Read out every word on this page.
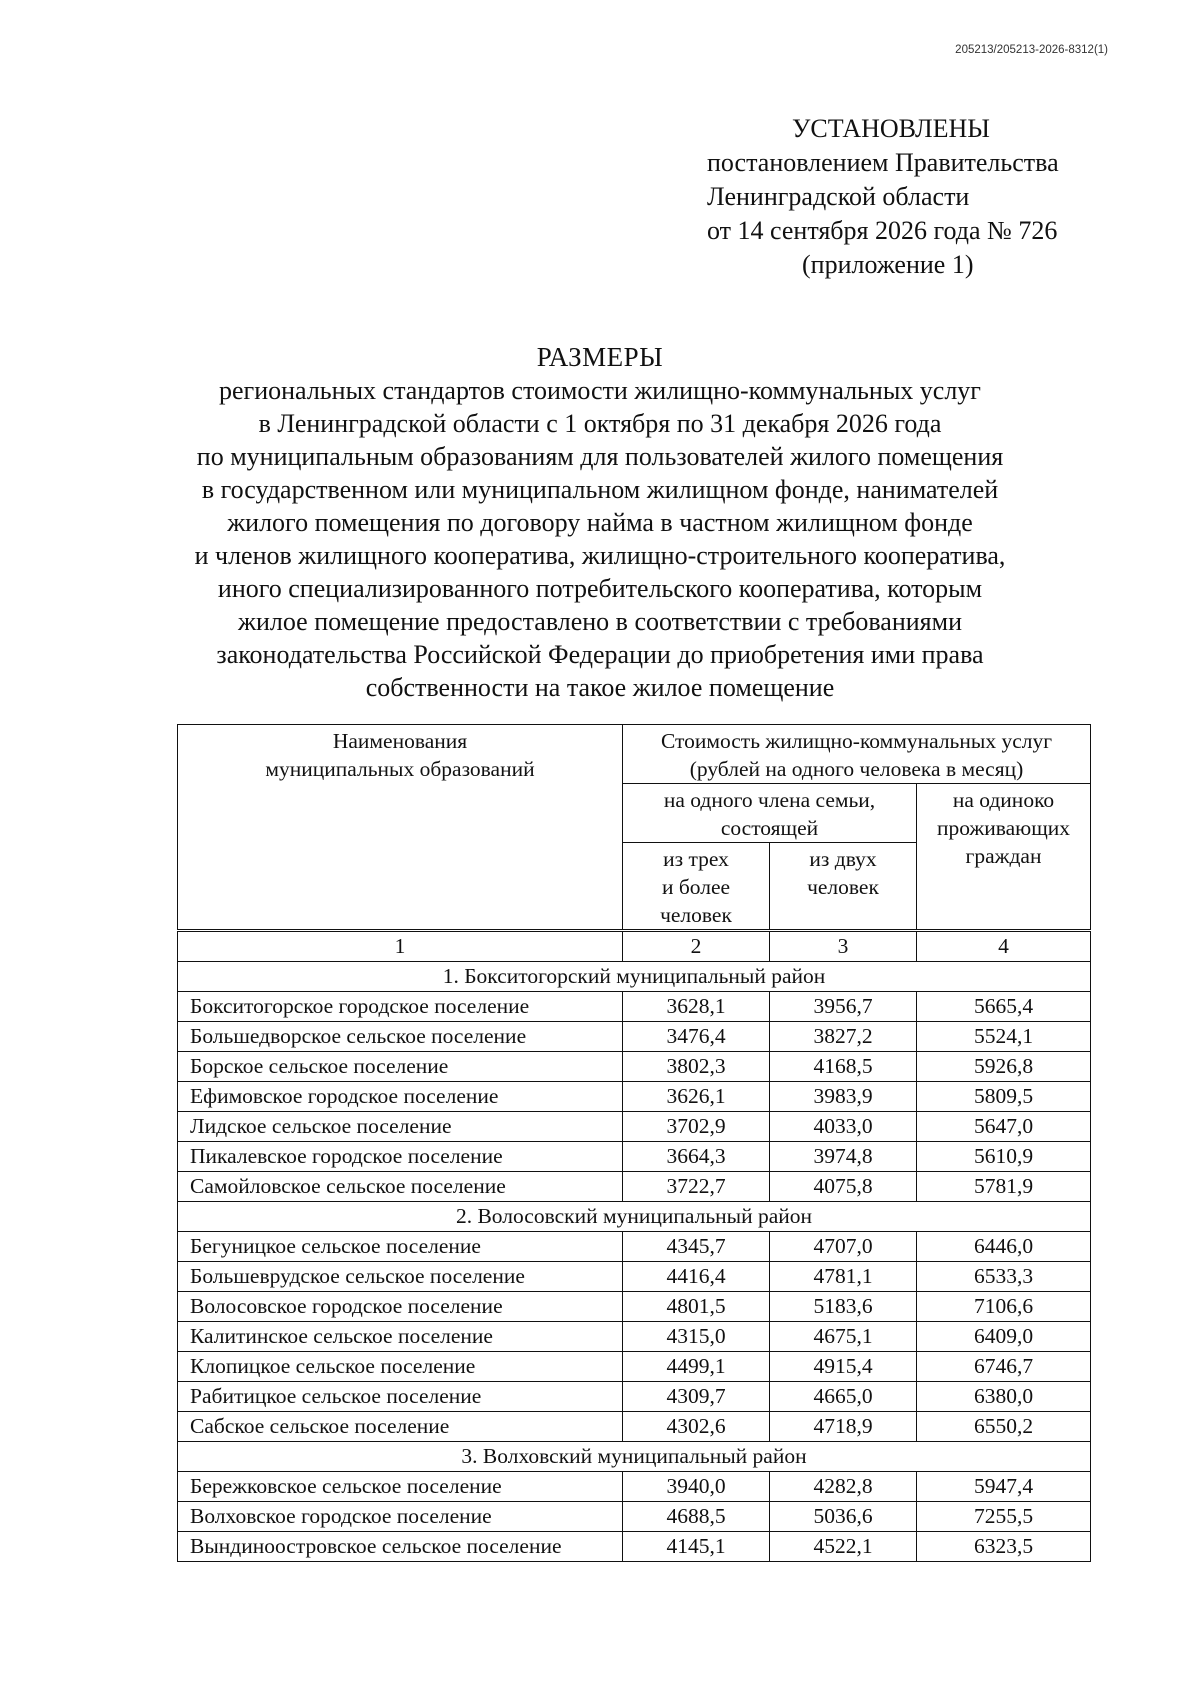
205213/205213-2026-8312(1)
УСТАНОВЛЕНЫ
постановлением Правительства
Ленинградской области
от 14 сентября 2026 года № 726
(приложение 1)
РАЗМЕРЫ
региональных стандартов стоимости жилищно-коммунальных услуг
в Ленинградской области с 1 октября по 31 декабря 2026 года
по муниципальным образованиям для пользователей жилого помещения
в государственном или муниципальном жилищном фонде, нанимателей
жилого помещения по договору найма в частном жилищном фонде
и членов жилищного кооператива, жилищно-строительного кооператива,
иного специализированного потребительского кооператива, которым
жилое помещение предоставлено в соответствии с требованиями
законодательства Российской Федерации до приобретения ими права
собственности на такое жилое помещение
Наименования
муниципальных образований	Стоимость жилищно-коммунальных услуг
(рублей на одного человека в месяц)		
	на одного члена семьи,
состоящей		на одиноко
проживающих
граждан
	из трех
и более
человек	из двух
человек	
1	2	3	4
1. Бокситогорский муниципальный район			
Бокситогорское городское поселение	3628,1	3956,7	5665,4
Большедворское сельское поселение	3476,4	3827,2	5524,1
Борское сельское поселение	3802,3	4168,5	5926,8
Ефимовское городское поселение	3626,1	3983,9	5809,5
Лидское сельское поселение	3702,9	4033,0	5647,0
Пикалевское городское поселение	3664,3	3974,8	5610,9
Самойловское сельское поселение	3722,7	4075,8	5781,9
2. Волосовский муниципальный район			
Бегуницкое сельское поселение	4345,7	4707,0	6446,0
Большеврудское сельское поселение	4416,4	4781,1	6533,3
Волосовское городское поселение	4801,5	5183,6	7106,6
Калитинское сельское поселение	4315,0	4675,1	6409,0
Клопицкое сельское поселение	4499,1	4915,4	6746,7
Рабитицкое сельское поселение	4309,7	4665,0	6380,0
Сабское сельское поселение	4302,6	4718,9	6550,2
3. Волховский муниципальный район			
Бережковское сельское поселение	3940,0	4282,8	5947,4
Волховское городское поселение	4688,5	5036,6	7255,5
Вындиноостровское сельское поселение	4145,1	4522,1	6323,5
